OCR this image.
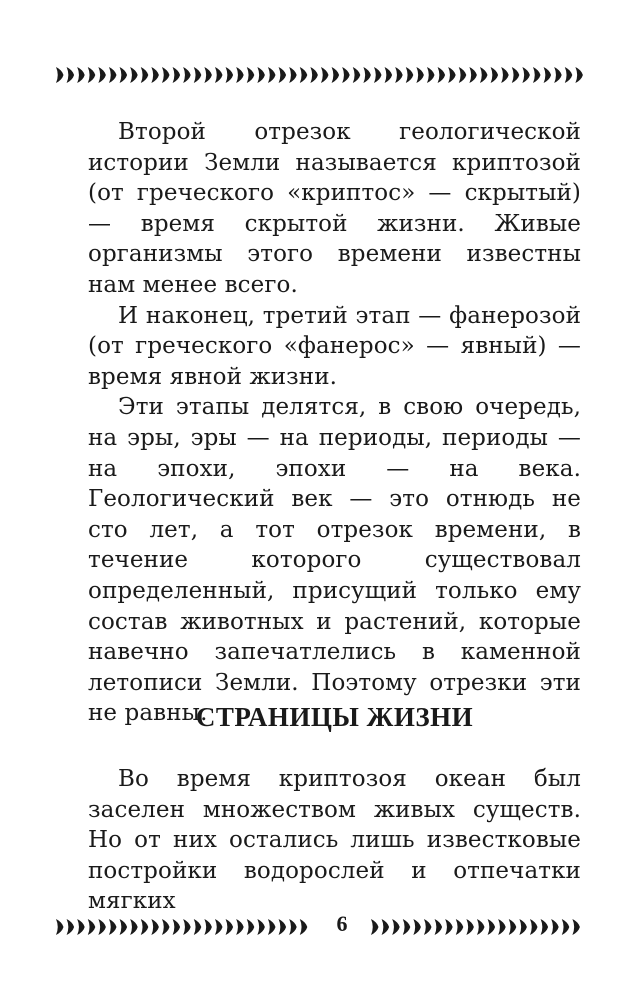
Второй отрезок геологической истории Земли называется криптозой (от греческого «криптос» — скрытый) — время скрытой жизни. Живые организмы этого времени известны нам менее всего.

И наконец, третий этап — фанерозой (от греческого «фанерос» — явный) — время явной жизни.

Эти этапы делятся, в свою очередь, на эры, эры — на периоды, периоды — на эпохи, эпохи — на века. Геологический век — это отнюдь не сто лет, а тот отрезок времени, в течение которого существовал определенный, присущий только ему состав животных и растений, которые навечно запечатлелись в каменной летописи Земли. Поэтому отрезки эти не равны.

СТРАНИЦЫ ЖИЗНИ

Во время криптозоя океан был заселен множеством живых существ. Но от них остались лишь известковые постройки водорослей и отпечатки мягких

6
